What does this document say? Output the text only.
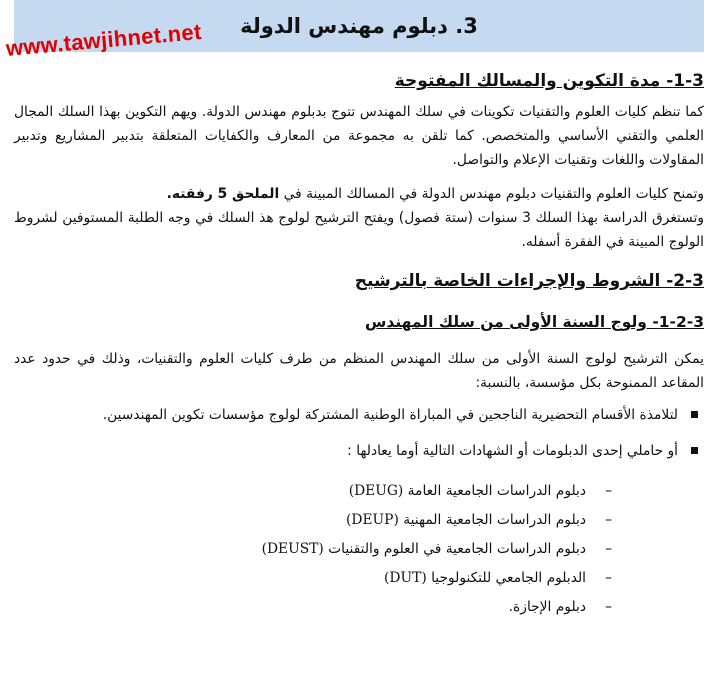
3. دبلوم مهندس الدولة
www.tawjihnet.net
1-3- مدة التكوين والمسالك المفتوحة

كما تنظم كليات العلوم والتقنيات تكوينات في سلك المهندس تتوج بدبلوم مهندس الدولة. ويهم التكوين بهذا السلك المجال العلمي والتقني الأساسي والمتخصص. كما تلقن به مجموعة من المعارف والكفايات المتعلقة بتدبير المشاريع وتدبير المقاولات واللغات وتقنيات الإعلام والتواصل.

وتمنح كليات العلوم والتقنيات دبلوم مهندس الدولة في المسالك المبينة في الملحق 5 رفقته.

وتستغرق الدراسة بهذا السلك 3 سنوات (ستة فصول) ويفتح الترشيح لولوج هذ السلك في وجه الطلبة المستوفين لشروط الولوج المبينة في الفقرة أسفله.

2-3- الشروط والإجراءات الخاصة بالترشيح
1-2-3- ولوج السنة الأولى من سلك المهندس

يمكن الترشيح لولوج السنة الأولى من سلك المهندس المنظم من طرف كليات العلوم والتقنيات، وذلك في حدود عدد المقاعد الممنوحة بكل مؤسسة، بالنسبة:

لتلامذة الأقسام التحضيرية الناجحين في المباراة الوطنية المشتركة لولوج مؤسسات تكوين المهندسين.
أو حاملي إحدى الدبلومات أو الشهادات التالية أوما يعادلها :
– دبلوم الدراسات الجامعية العامة (DEUG)
– دبلوم الدراسات الجامعية المهنية (DEUP)
– دبلوم الدراسات الجامعية في العلوم والتقنيات (DEUST)
– الدبلوم الجامعي للتكنولوجيا (DUT)
– دبلوم الإجازة.
